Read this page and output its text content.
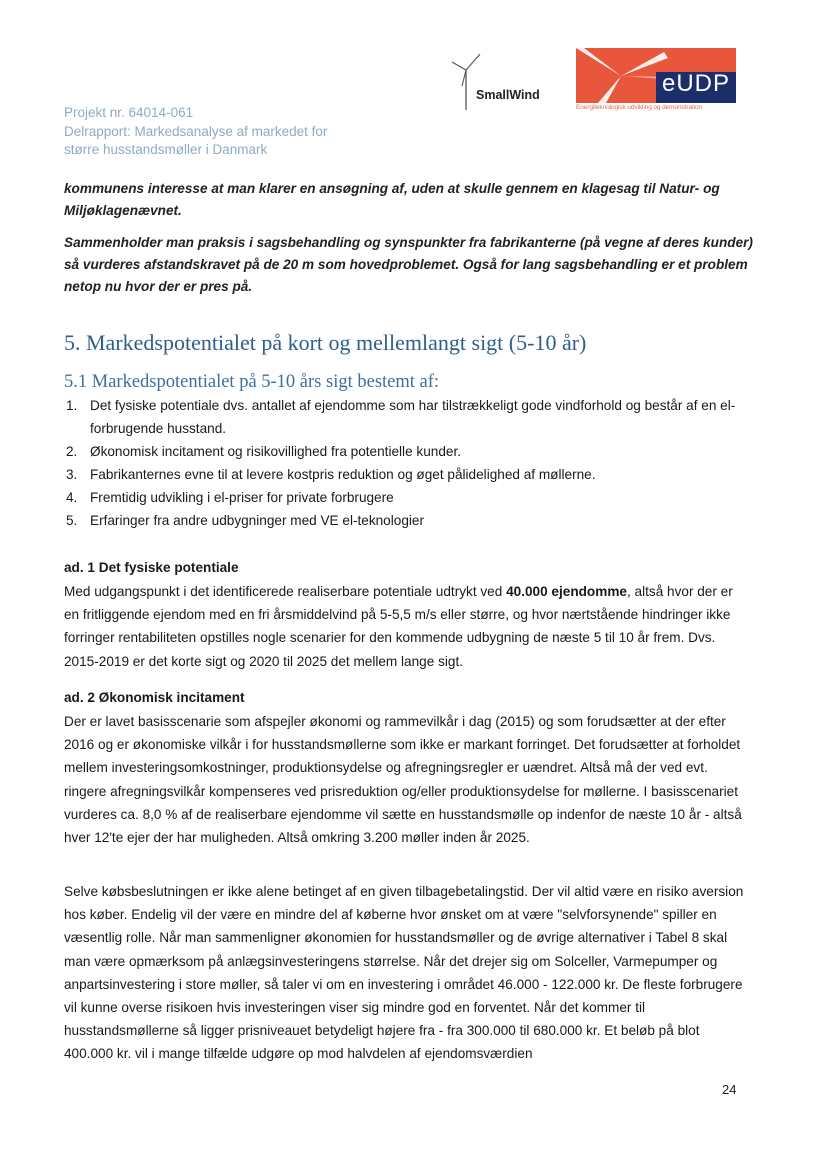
Projekt nr. 64014-061
Delrapport: Markedsanalyse af markedet for
større husstandsmøller i Danmark
SmallWind	eUDP
Energiteknologisk udvikling og demonstration
kommunens interesse at man klarer en ansøgning af, uden at skulle gennem en klagesag til Natur- og Miljøklagenævnet.
Sammenholder man praksis i sagsbehandling og synspunkter fra fabrikanterne (på vegne af deres kunder) så vurderes afstandskravet på de 20 m som hovedproblemet. Også for lang sagsbehandling er et problem netop nu hvor der er pres på.
5. Markedspotentialet på kort og mellemlangt sigt (5-10 år)
5.1 Markedspotentialet på 5-10 års sigt bestemt af:
1. Det fysiske potentiale dvs. antallet af ejendomme som har tilstrækkeligt gode vindforhold og består af en el- forbrugende husstand.
2. Økonomisk incitament og risikovillighed fra potentielle kunder.
3. Fabrikanternes evne til at levere kostpris reduktion og øget pålidelighed af møllerne.
4. Fremtidig udvikling i el-priser for private forbrugere
5. Erfaringer fra andre udbygninger med VE el-teknologier
ad. 1 Det fysiske potentiale
Med udgangspunkt i det identificerede realiserbare potentiale udtrykt ved 40.000 ejendomme, altså hvor der er en fritliggende ejendom med en fri årsmiddelvind på 5-5,5 m/s eller større, og hvor nærtstående hindringer ikke forringer rentabiliteten opstilles nogle scenarier for den kommende udbygning de næste 5 til 10 år frem. Dvs. 2015-2019 er det korte sigt og 2020 til 2025 det mellem lange sigt.
ad. 2 Økonomisk incitament
Der er lavet basisscenarie som afspejler økonomi og rammevilkår i dag (2015) og som forudsætter at der efter 2016 og er økonomiske vilkår i for husstandsmøllerne som ikke er markant forringet. Det forudsætter at forholdet mellem investeringsomkostninger, produktionsydelse og afregningsregler er uændret. Altså må der ved evt. ringere afregningsvilkår kompenseres ved prisreduktion og/eller produktionsydelse for møllerne. I basisscenariet vurderes ca. 8,0 % af de realiserbare ejendomme vil sætte en husstandsmølle op indenfor de næste 10 år - altså hver 12'te ejer der har muligheden. Altså omkring 3.200 møller inden år 2025.
Selve købsbeslutningen er ikke alene betinget af en given tilbagebetalingstid. Der vil altid være en risiko aversion hos køber. Endelig vil der være en mindre del af køberne hvor ønsket om at være "selvforsynende" spiller en væsentlig rolle. Når man sammenligner økonomien for husstandsmøller og de øvrige alternativer i Tabel 8 skal man være opmærksom på anlægsinvesteringens størrelse. Når det drejer sig om Solceller, Varmepumper og anpartsinvestering i store møller, så taler vi om en investering i området 46.000 - 122.000 kr. De fleste forbrugere vil kunne overse risikoen hvis investeringen viser sig mindre god en forventet. Når det kommer til husstandsmøllerne så ligger prisniveauet betydeligt højere fra - fra 300.000 til 680.000 kr. Et beløb på blot 400.000 kr. vil i mange tilfælde udgøre op mod halvdelen af ejendomsværdien
24
